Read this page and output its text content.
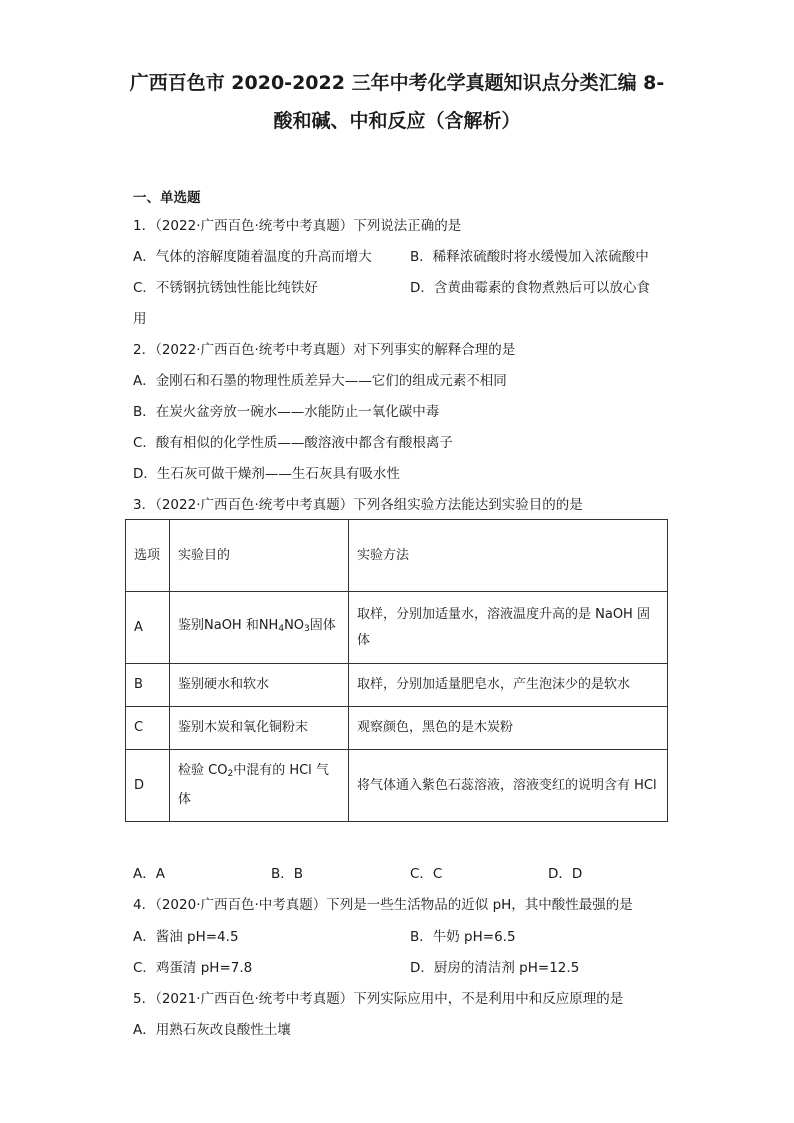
广西百色市 2020-2022 三年中考化学真题知识点分类汇编 8-
酸和碱、中和反应（含解析）
一、单选题
1．（2022·广西百色·统考中考真题）下列说法正确的是
A．气体的溶解度随着温度的升高而增大	B．稀释浓硫酸时将水缓慢加入浓硫酸中
C．不锈钢抗锈蚀性能比纯铁好	D．含黄曲霉素的食物煮熟后可以放心食
用
2．（2022·广西百色·统考中考真题）对下列事实的解释合理的是
A．金刚石和石墨的物理性质差异大——它们的组成元素不相同
B．在炭火盆旁放一碗水——水能防止一氧化碳中毒
C．酸有相似的化学性质——酸溶液中都含有酸根离子
D．生石灰可做干燥剂——生石灰具有吸水性
3．（2022·广西百色·统考中考真题）下列各组实验方法能达到实验目的的是
选项	实验目的	实验方法
A	鉴别NaOH 和$NH_4NO_3$固体	取样，分别加适量水，溶液温度升高的是 NaOH 固体
B	鉴别硬水和软水	取样，分别加适量肥皂水，产生泡沫少的是软水
C	鉴别木炭和氧化铜粉末	观察颜色，黑色的是木炭粉
D	检验 $CO_2$中混有的 HCl 气体	将气体通入紫色石蕊溶液，溶液变红的说明含有 HCl
A．A	B．B	C．C	D．D
4．（2020·广西百色·中考真题）下列是一些生活物品的近似 pH，其中酸性最强的是
A．酱油 pH=4.5	B．牛奶 pH=6.5
C．鸡蛋清 pH=7.8	D．厨房的清洁剂 pH=12.5
5．（2021·广西百色·统考中考真题）下列实际应用中，不是利用中和反应原理的是
A．用熟石灰改良酸性土壤
